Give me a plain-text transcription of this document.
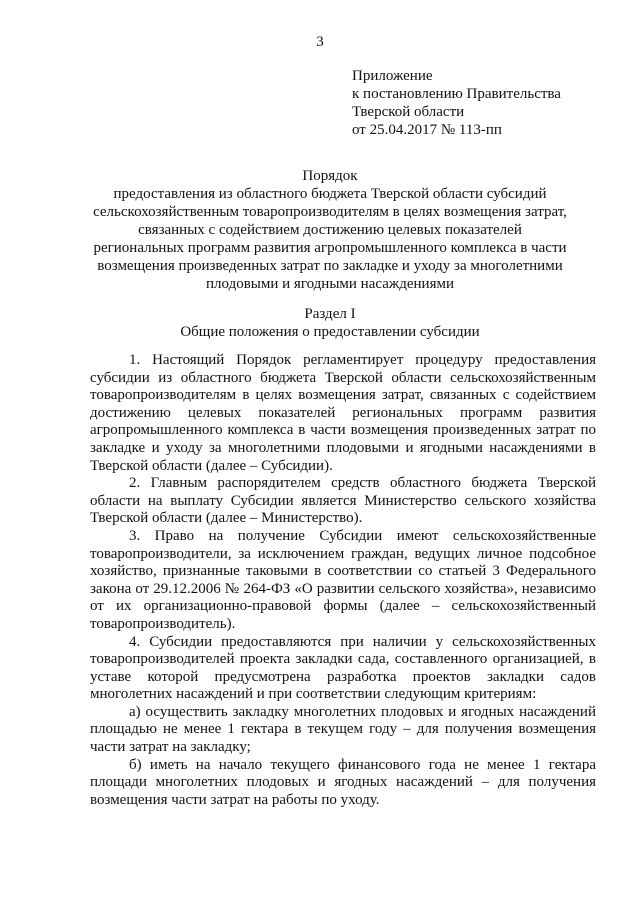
3
Приложение
к постановлению Правительства
Тверской области
от 25.04.2017 № 113-пп
Порядок
предоставления из областного бюджета Тверской области субсидий
сельскохозяйственным товаропроизводителям в целях возмещения затрат,
связанных с содействием достижению целевых показателей
региональных программ развития агропромышленного комплекса в части
возмещения произведенных затрат по закладке и уходу за многолетними
плодовыми и ягодными насаждениями
Раздел I
Общие положения о предоставлении субсидии

1. Настоящий Порядок регламентирует процедуру предоставления субсидии из областного бюджета Тверской области сельскохозяйственным товаропроизводителям в целях возмещения затрат, связанных с содействием достижению целевых показателей региональных программ развития агропромышленного комплекса в части возмещения произведенных затрат по закладке и уходу за многолетними плодовыми и ягодными насаждениями в Тверской области (далее – Субсидии).

2. Главным распорядителем средств областного бюджета Тверской области на выплату Субсидии является Министерство сельского хозяйства Тверской области (далее – Министерство).

3. Право на получение Субсидии имеют сельскохозяйственные товаропроизводители, за исключением граждан, ведущих личное подсобное хозяйство, признанные таковыми в соответствии со статьей 3 Федерального закона от 29.12.2006 № 264-ФЗ «О развитии сельского хозяйства», независимо от их организационно-правовой формы (далее – сельскохозяйственный товаропроизводитель).

4. Субсидии предоставляются при наличии у сельскохозяйственных товаропроизводителей проекта закладки сада, составленного организацией, в уставе которой предусмотрена разработка проектов закладки садов многолетних насаждений и при соответствии следующим критериям:

а) осуществить закладку многолетних плодовых и ягодных насаждений площадью не менее 1 гектара в текущем году – для получения возмещения части затрат на закладку;

б) иметь на начало текущего финансового года не менее 1 гектара площади многолетних плодовых и ягодных насаждений – для получения возмещения части затрат на работы по уходу.
